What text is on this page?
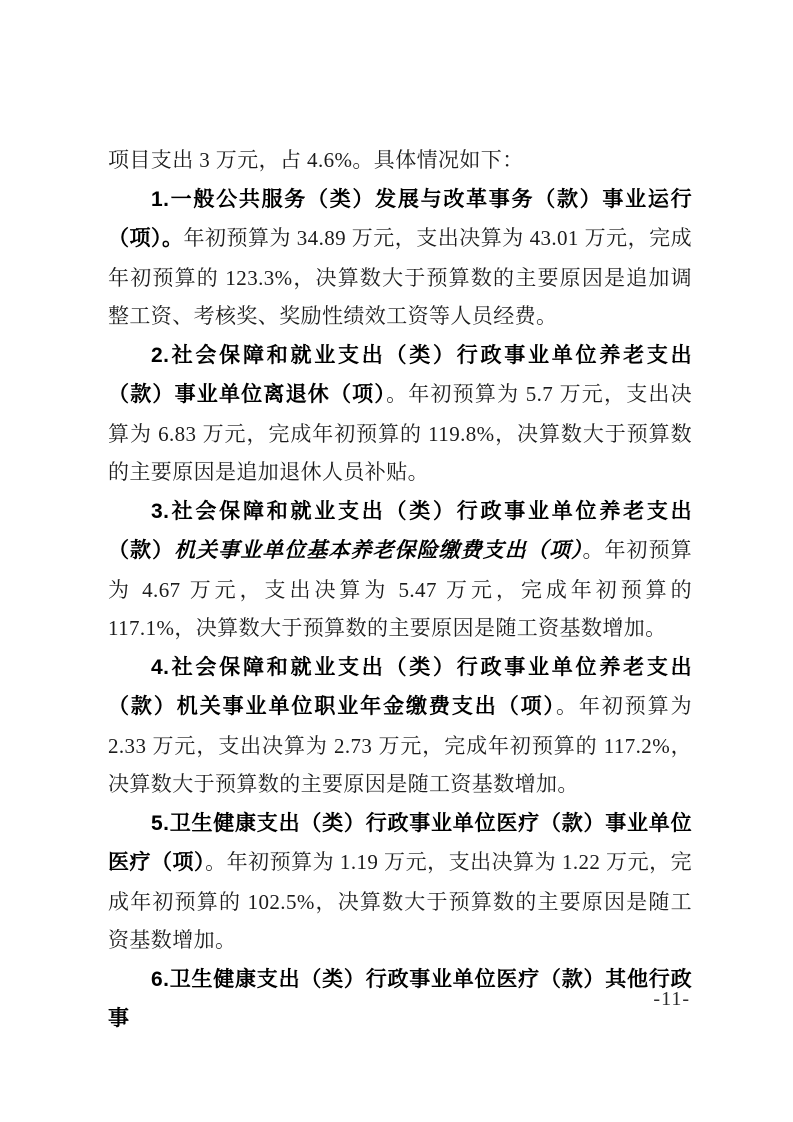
项目支出 3 万元，占 4.6%。具体情况如下：

1.一般公共服务（类）发展与改革事务（款）事业运行（项）。年初预算为 34.89 万元，支出决算为 43.01 万元，完成年初预算的 123.3%，决算数大于预算数的主要原因是追加调整工资、考核奖、奖励性绩效工资等人员经费。

2.社会保障和就业支出（类）行政事业单位养老支出（款）事业单位离退休（项）。年初预算为 5.7 万元，支出决算为 6.83 万元，完成年初预算的 119.8%，决算数大于预算数的主要原因是追加退休人员补贴。

3.社会保障和就业支出（类）行政事业单位养老支出（款）机关事业单位基本养老保险缴费支出（项）。年初预算为 4.67 万元，支出决算为 5.47 万元，完成年初预算的 117.1%，决算数大于预算数的主要原因是随工资基数增加。

4.社会保障和就业支出（类）行政事业单位养老支出（款）机关事业单位职业年金缴费支出（项）。年初预算为 2.33 万元，支出决算为 2.73 万元，完成年初预算的 117.2%，决算数大于预算数的主要原因是随工资基数增加。

5.卫生健康支出（类）行政事业单位医疗（款）事业单位医疗（项）。年初预算为 1.19 万元，支出决算为 1.22 万元，完成年初预算的 102.5%，决算数大于预算数的主要原因是随工资基数增加。

6.卫生健康支出（类）行政事业单位医疗（款）其他行政事

-11-
